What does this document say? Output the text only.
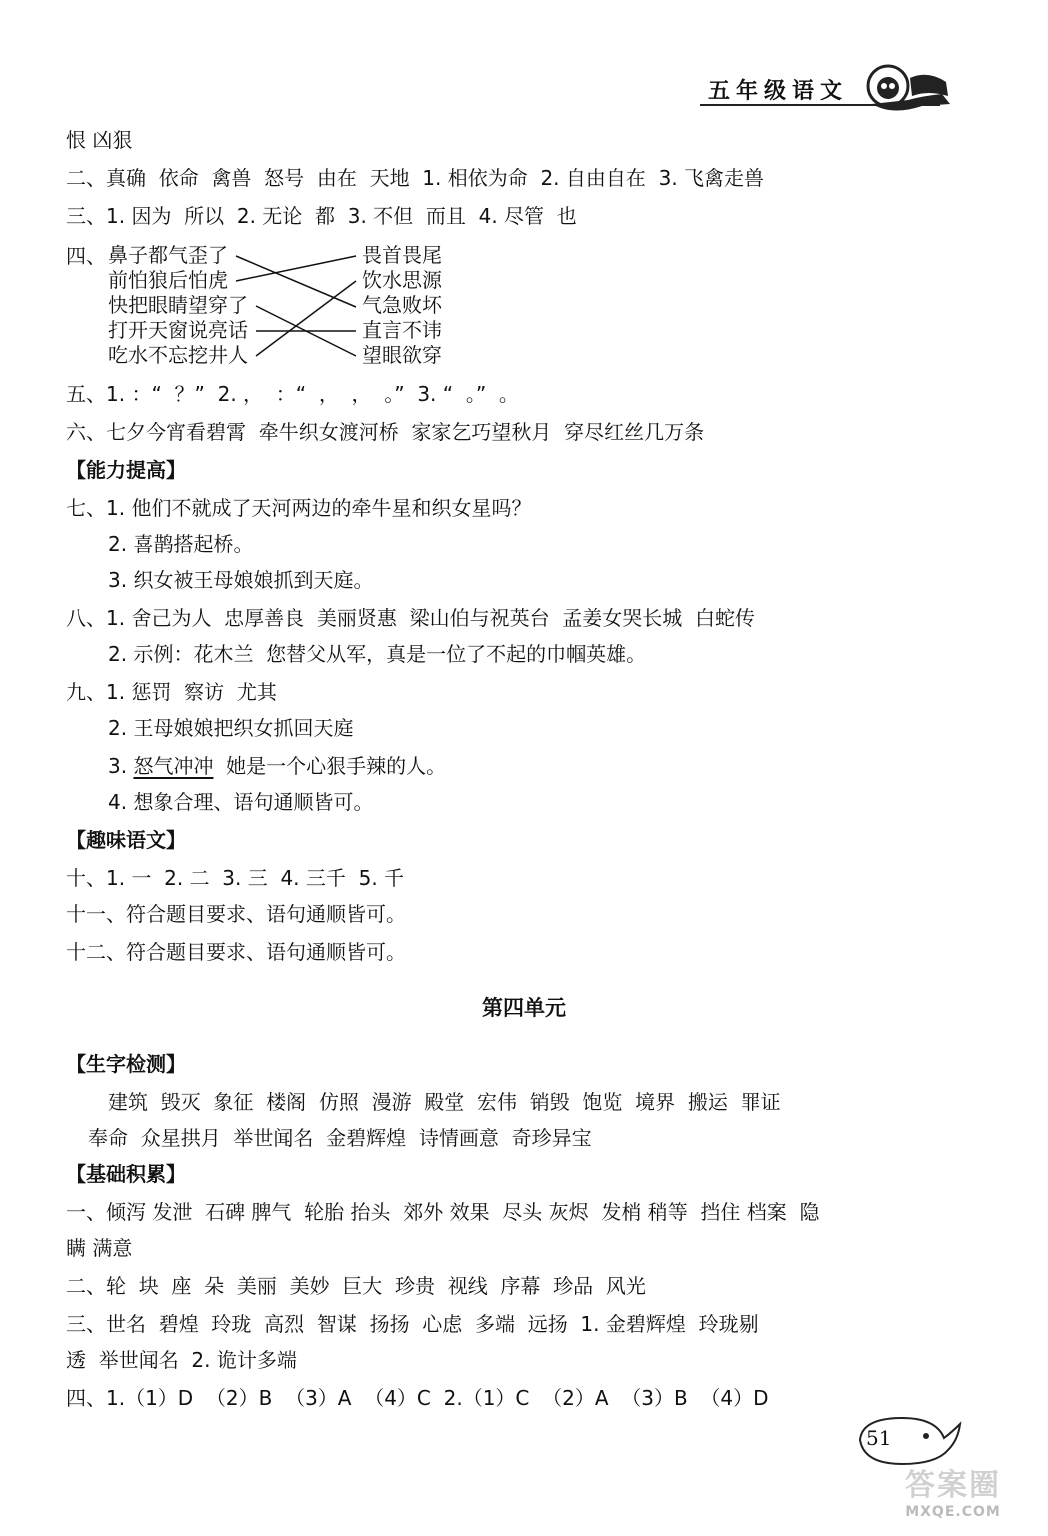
五年级语文
恨 凶狠
二、真确  依命  禽兽  怒号  由在  天地  1. 相依为命  2. 自由自在  3. 飞禽走兽
三、1. 因为  所以  2. 无论  都  3. 不但  而且  4. 尽管  也
四、 鼻子都气歪了
前怕狼后怕虎
快把眼睛望穿了
打开天窗说亮话
吃水不忘挖井人
畏首畏尾
饮水思源
气急败坏
直言不讳
望眼欲穿
五、1. ：“  ？”  2. ，  ：“  ，  ，  。”  3. “  。”  。
六、七夕今宵看碧霄  牵牛织女渡河桥  家家乞巧望秋月  穿尽红丝几万条
【能力提高】
七、1. 他们不就成了天河两边的牵牛星和织女星吗？
2. 喜鹊搭起桥。
3. 织女被王母娘娘抓到天庭。
八、1. 舍己为人  忠厚善良  美丽贤惠  梁山伯与祝英台  孟姜女哭长城  白蛇传
2. 示例：花木兰  您替父从军，真是一位了不起的巾帼英雄。
九、1. 惩罚  察访  尤其
2. 王母娘娘把织女抓回天庭
3. 怒气冲冲  她是一个心狠手辣的人。
4. 想象合理、语句通顺皆可。
【趣味语文】
十、1. 一  2. 二  3. 三  4. 三千  5. 千
十一、符合题目要求、语句通顺皆可。
十二、符合题目要求、语句通顺皆可。
第四单元
【生字检测】
建筑  毁灭  象征  楼阁  仿照  漫游  殿堂  宏伟  销毁  饱览  境界  搬运  罪证
奉命  众星拱月  举世闻名  金碧辉煌  诗情画意  奇珍异宝
【基础积累】
一、倾泻 发泄  石碑 脾气  轮胎 抬头  郊外 效果  尽头 灰烬  发梢 稍等  挡住 档案  隐
瞒 满意
二、轮  块  座  朵  美丽  美妙  巨大  珍贵  视线  序幕  珍品  风光
三、世名  碧煌  玲珑  高烈  智谋  扬扬  心虑  多端  远扬  1. 金碧辉煌  玲珑剔
透  举世闻名  2. 诡计多端
四、1.（1）D  （2）B  （3）A  （4）C  2.（1）C  （2）A  （3）B  （4）D
51
答案圈
MXQE.COM
